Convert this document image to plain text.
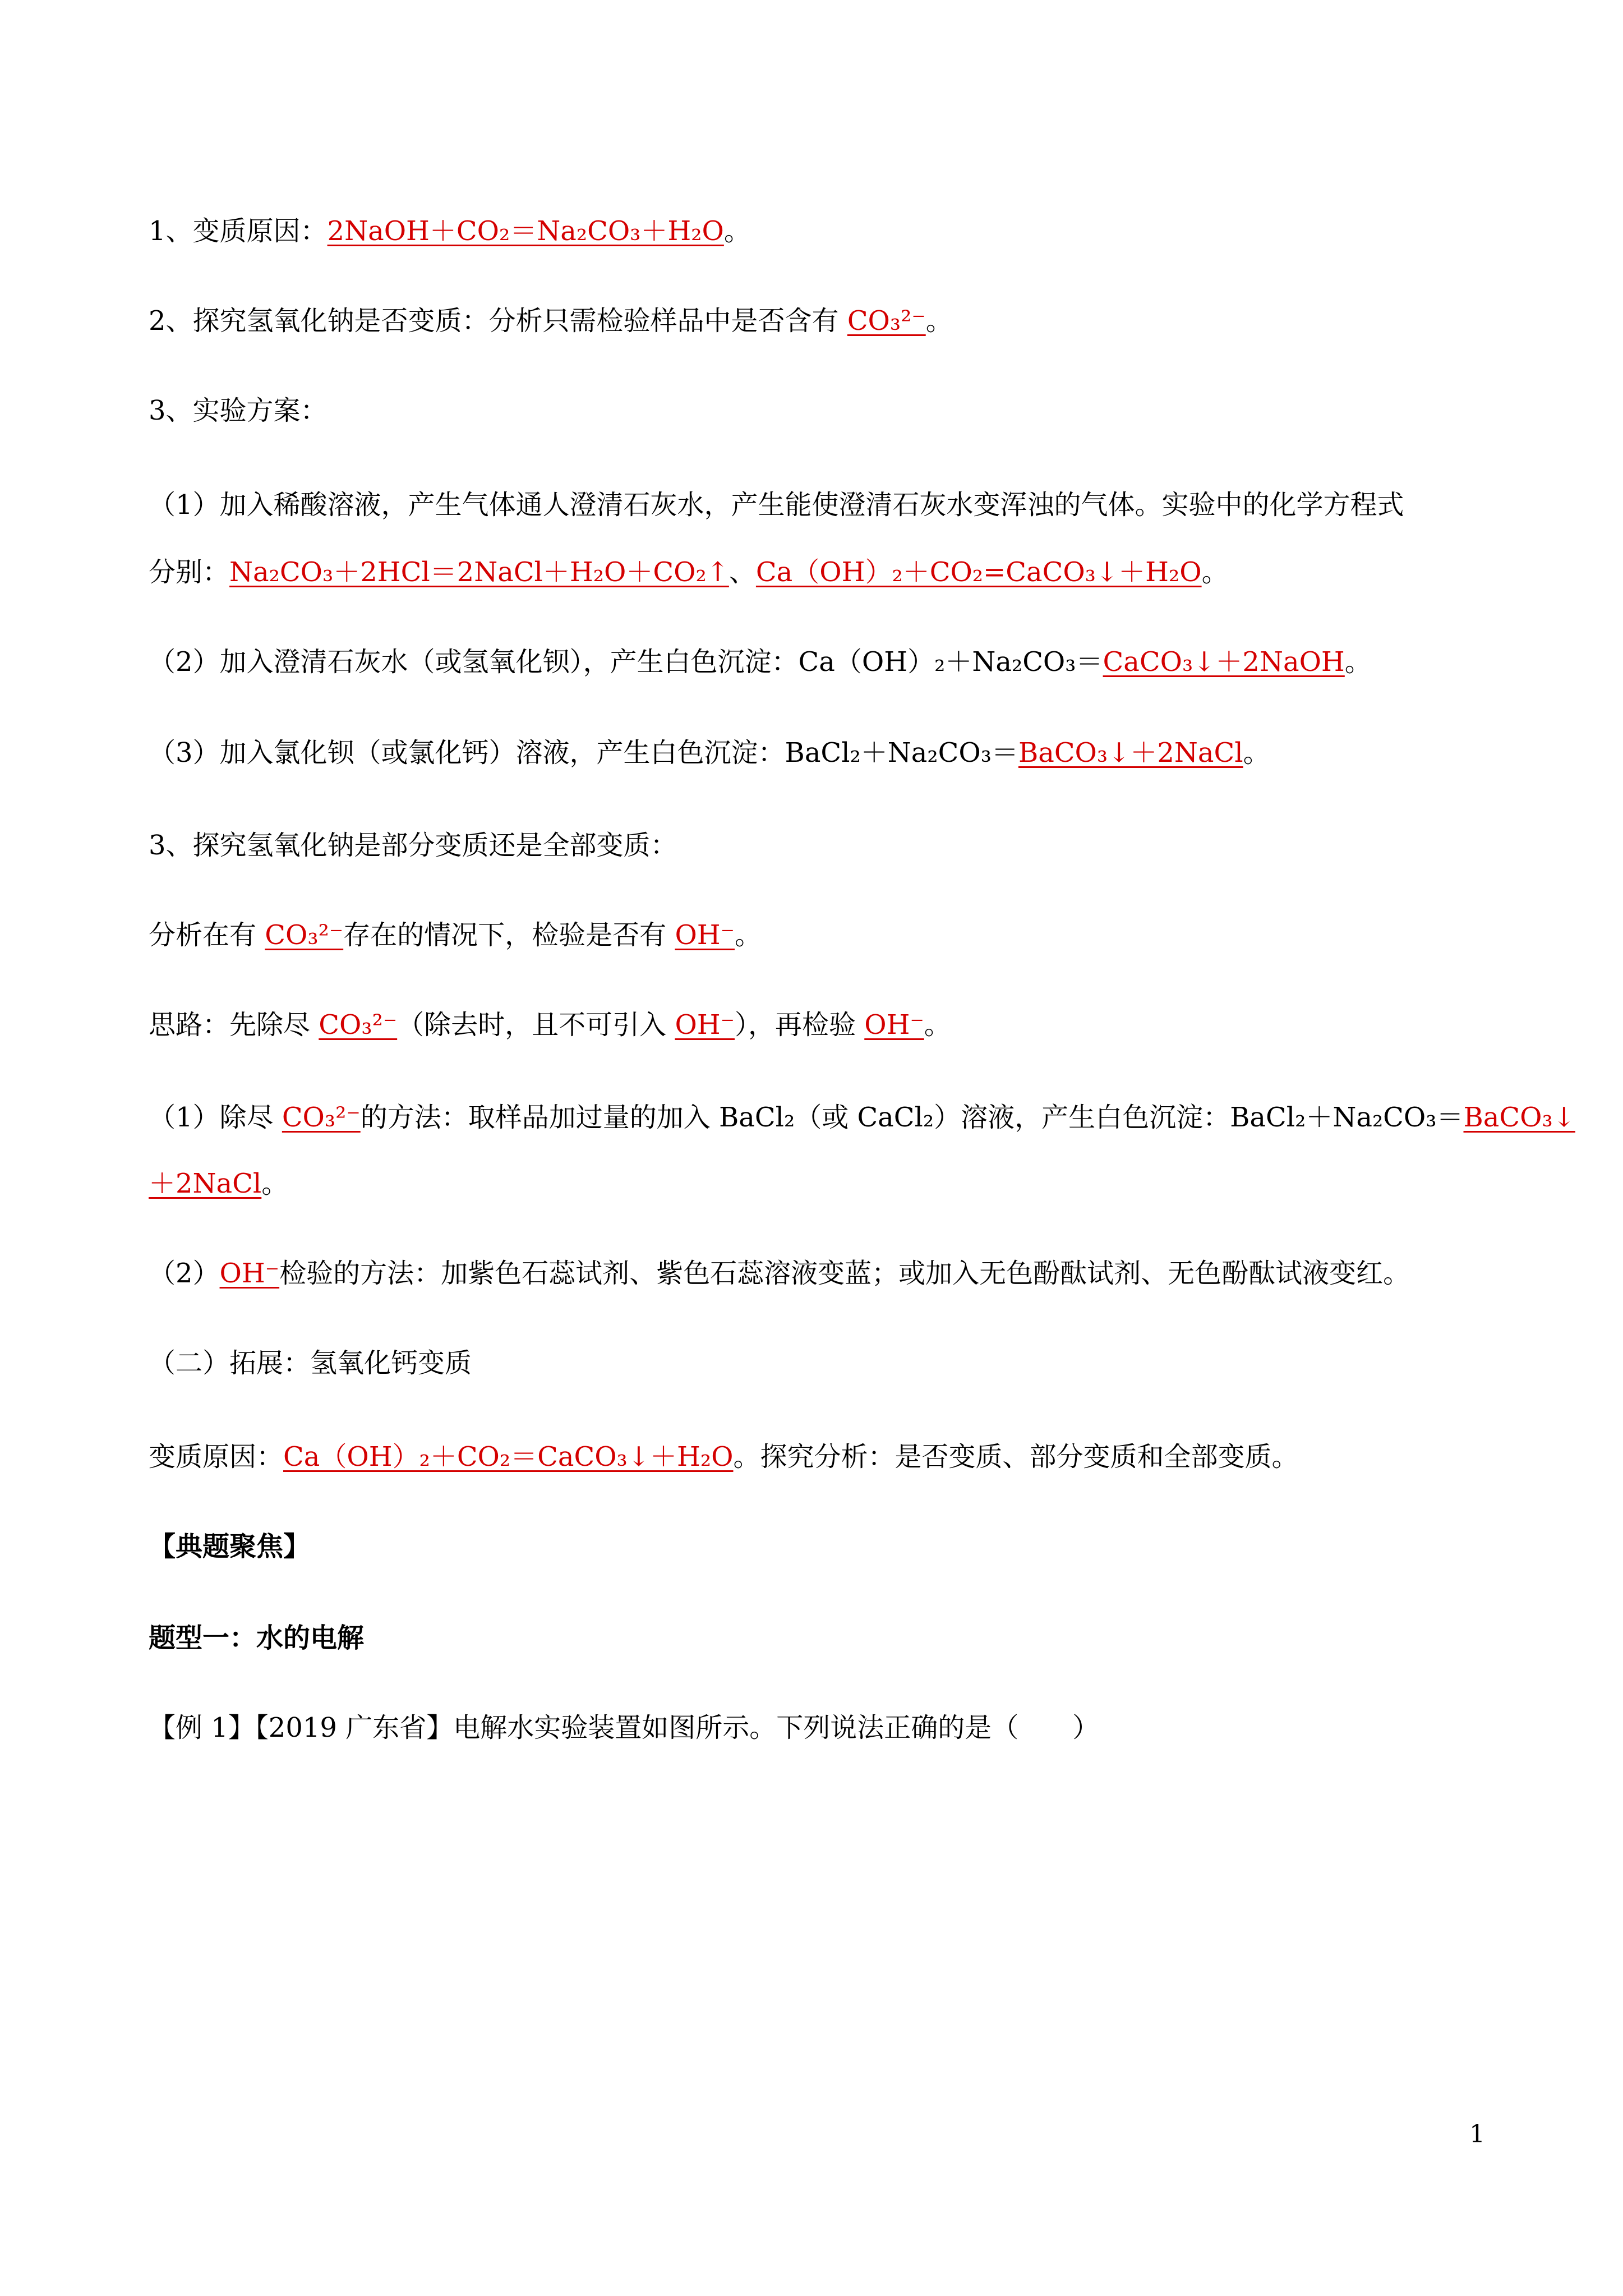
1、变质原因：2NaOH＋CO₂＝Na₂CO₃＋H₂O。
2、探究氢氧化钠是否变质：分析只需检验样品中是否含有 CO₃²⁻。
3、实验方案：
（1）加入稀酸溶液，产生气体通人澄清石灰水，产生能使澄清石灰水变浑浊的气体。实验中的化学方程式
分别：Na₂CO₃＋2HCl＝2NaCl＋H₂O＋CO₂↑、Ca（OH）₂＋CO₂=CaCO₃↓＋H₂O。
（2）加入澄清石灰水（或氢氧化钡），产生白色沉淀：Ca（OH）₂＋Na₂CO₃＝CaCO₃↓＋2NaOH。
（3）加入氯化钡（或氯化钙）溶液，产生白色沉淀：BaCl₂＋Na₂CO₃＝BaCO₃↓＋2NaCl。
3、探究氢氧化钠是部分变质还是全部变质：
分析在有 CO₃²⁻存在的情况下，检验是否有 OH⁻。
思路：先除尽 CO₃²⁻（除去时，且不可引入 OH⁻），再检验 OH⁻。
（1）除尽 CO₃²⁻的方法：取样品加过量的加入 BaCl₂（或 CaCl₂）溶液，产生白色沉淀：BaCl₂＋Na₂CO₃＝BaCO₃↓
＋2NaCl。
（2）OH⁻检验的方法：加紫色石蕊试剂、紫色石蕊溶液变蓝；或加入无色酚酞试剂、无色酚酞试液变红。
（二）拓展：氢氧化钙变质
变质原因：Ca（OH）₂＋CO₂＝CaCO₃↓＋H₂O。探究分析：是否变质、部分变质和全部变质。
【典题聚焦】
题型一：水的电解
【例 1】【2019 广东省】电解水实验装置如图所示。下列说法正确的是（　　）
1
